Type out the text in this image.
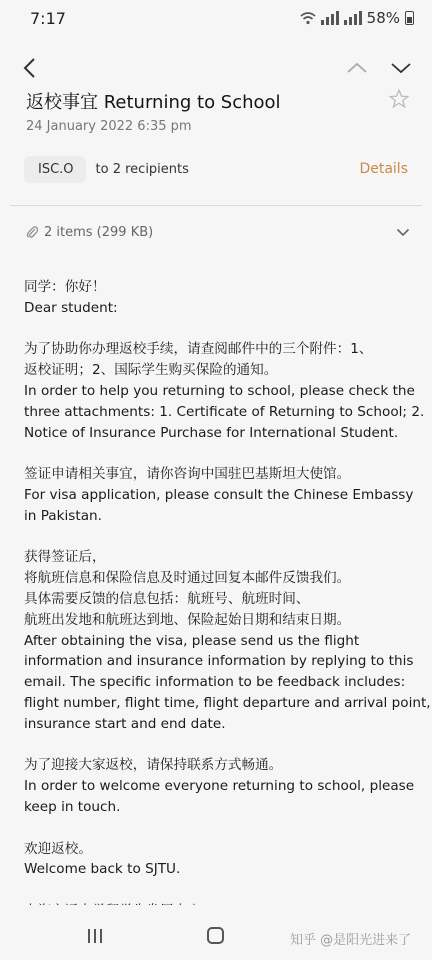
7:17	58%
返校事宜 Returning to School
24 January 2022 6:35 pm
ISC.O	to 2 recipients	Details
2 items (299 KB)
同学：你好！
Dear student:
为了协助你办理返校手续，请查阅邮件中的三个附件：1、
返校证明；2、国际学生购买保险的通知。
In order to help you returning to school, please check the
three attachments: 1. Certificate of Returning to School; 2.
Notice of Insurance Purchase for International Student.
签证申请相关事宜，请你咨询中国驻巴基斯坦大使馆。
For visa application, please consult the Chinese Embassy
in Pakistan.
获得签证后，
将航班信息和保险信息及时通过回复本邮件反馈我们。
具体需要反馈的信息包括：航班号、航班时间、
航班出发地和航班达到地、保险起始日期和结束日期。
After obtaining the visa, please send us the flight
information and insurance information by replying to this
email. The specific information to be feedback includes:
flight number, flight time, flight departure and arrival point,
insurance start and end date.
为了迎接大家返校，请保持联系方式畅通。
In order to welcome everyone returning to school, please
keep in touch.
欢迎返校。
Welcome back to SJTU.
知乎 @是阳光进来了
